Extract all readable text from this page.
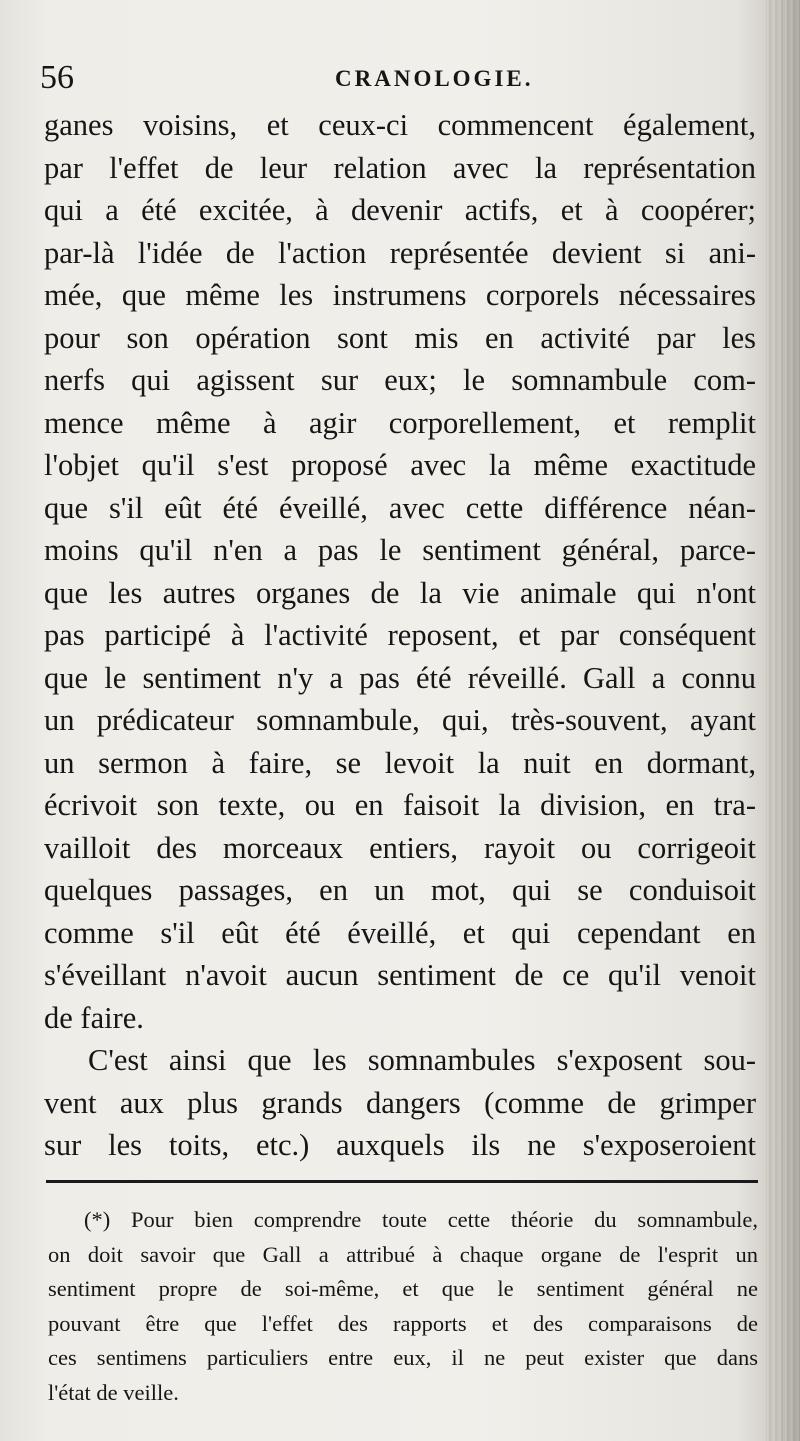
56	CRANOLOGIE.
ganes voisins, et ceux-ci commencent également,
par l'effet de leur relation avec la représentation
qui a été excitée, à devenir actifs, et à coopérer;
par-là l'idée de l'action représentée devient si ani-
mée, que même les instrumens corporels nécessaires
pour son opération sont mis en activité par les
nerfs qui agissent sur eux; le somnambule com-
mence même à agir corporellement, et remplit
l'objet qu'il s'est proposé avec la même exactitude
que s'il eût été éveillé, avec cette différence néan-
moins qu'il n'en a pas le sentiment général, parce-
que les autres organes de la vie animale qui n'ont
pas participé à l'activité reposent, et par conséquent
que le sentiment n'y a pas été réveillé. Gall a connu
un prédicateur somnambule, qui, très-souvent, ayant
un sermon à faire, se levoit la nuit en dormant,
écrivoit son texte, ou en faisoit la division, en tra-
vailloit des morceaux entiers, rayoit ou corrigeoit
quelques passages, en un mot, qui se conduisoit
comme s'il eût été éveillé, et qui cependant en
s'éveillant n'avoit aucun sentiment de ce qu'il venoit
de faire.
C'est ainsi que les somnambules s'exposent sou-
vent aux plus grands dangers (comme de grimper
sur les toits, etc.) auxquels ils ne s'exposeroient
(*) Pour bien comprendre toute cette théorie du somnambule,
on doit savoir que Gall a attribué à chaque organe de l'esprit un
sentiment propre de soi-même, et que le sentiment général ne
pouvant être que l'effet des rapports et des comparaisons de
ces sentimens particuliers entre eux, il ne peut exister que dans
l'état de veille.
